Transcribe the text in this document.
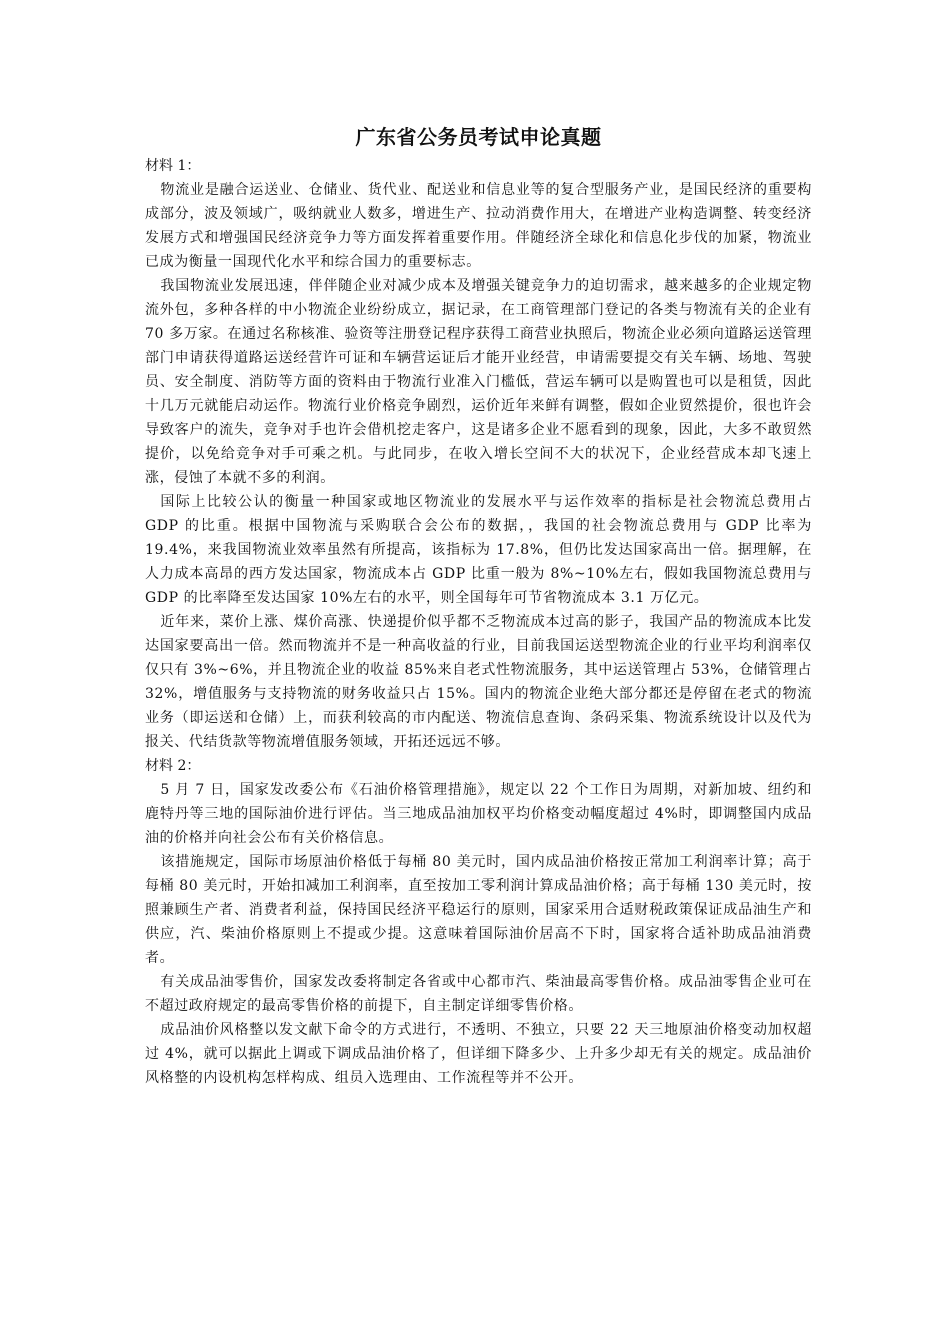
广东省公务员考试申论真题

材料 1：

物流业是融合运送业、仓储业、货代业、配送业和信息业等的复合型服务产业，是国民经济的重要构成部分，波及领域广，吸纳就业人数多，增进生产、拉动消费作用大，在增进产业构造调整、转变经济发展方式和增强国民经济竞争力等方面发挥着重要作用。伴随经济全球化和信息化步伐的加紧，物流业已成为衡量一国现代化水平和综合国力的重要标志。

我国物流业发展迅速，伴伴随企业对减少成本及增强关键竞争力的迫切需求，越来越多的企业规定物流外包，多种各样的中小物流企业纷纷成立，据记录，在工商管理部门登记的各类与物流有关的企业有 70 多万家。在通过名称核准、验资等注册登记程序获得工商营业执照后，物流企业必须向道路运送管理部门申请获得道路运送经营许可证和车辆营运证后才能开业经营，申请需要提交有关车辆、场地、驾驶员、安全制度、消防等方面的资料由于物流行业准入门槛低，营运车辆可以是购置也可以是租赁，因此十几万元就能启动运作。物流行业价格竞争剧烈，运价近年来鲜有调整，假如企业贸然提价，很也许会导致客户的流失，竞争对手也许会借机挖走客户，这是诸多企业不愿看到的现象，因此，大多不敢贸然提价，以免给竞争对手可乘之机。与此同步，在收入增长空间不大的状况下，企业经营成本却飞速上涨，侵蚀了本就不多的利润。

国际上比较公认的衡量一种国家或地区物流业的发展水平与运作效率的指标是社会物流总费用占 GDP 的比重。根据中国物流与采购联合会公布的数据，，我国的社会物流总费用与 GDP 比率为 19.4%，来我国物流业效率虽然有所提高，该指标为 17.8%，但仍比发达国家高出一倍。据理解，在人力成本高昂的西方发达国家，物流成本占 GDP 比重一般为 8%~10%左右，假如我国物流总费用与 GDP 的比率降至发达国家 10%左右的水平，则全国每年可节省物流成本 3.1 万亿元。

近年来，菜价上涨、煤价高涨、快递提价似乎都不乏物流成本过高的影子，我国产品的物流成本比发达国家要高出一倍。然而物流并不是一种高收益的行业，目前我国运送型物流企业的行业平均利润率仅仅只有 3%~6%，并且物流企业的收益 85%来自老式性物流服务，其中运送管理占 53%，仓储管理占 32%，增值服务与支持物流的财务收益只占 15%。国内的物流企业绝大部分都还是停留在老式的物流业务（即运送和仓储）上，而获利较高的市内配送、物流信息查询、条码采集、物流系统设计以及代为报关、代结货款等物流增值服务领域，开拓还远远不够。

材料 2：

5 月 7 日，国家发改委公布《石油价格管理措施》，规定以 22 个工作日为周期，对新加坡、纽约和鹿特丹等三地的国际油价进行评估。当三地成品油加权平均价格变动幅度超过 4%时，即调整国内成品油的价格并向社会公布有关价格信息。

该措施规定，国际市场原油价格低于每桶 80 美元时，国内成品油价格按正常加工利润率计算；高于每桶 80 美元时，开始扣减加工利润率，直至按加工零利润计算成品油价格；高于每桶 130 美元时，按照兼顾生产者、消费者利益，保持国民经济平稳运行的原则，国家采用合适财税政策保证成品油生产和供应，汽、柴油价格原则上不提或少提。这意味着国际油价居高不下时，国家将合适补助成品油消费者。

有关成品油零售价，国家发改委将制定各省或中心都市汽、柴油最高零售价格。成品油零售企业可在不超过政府规定的最高零售价格的前提下，自主制定详细零售价格。

成品油价风格整以发文献下命令的方式进行，不透明、不独立，只要 22 天三地原油价格变动加权超过 4%，就可以据此上调或下调成品油价格了，但详细下降多少、上升多少却无有关的规定。成品油价风格整的内设机构怎样构成、组员入选理由、工作流程等并不公开。
